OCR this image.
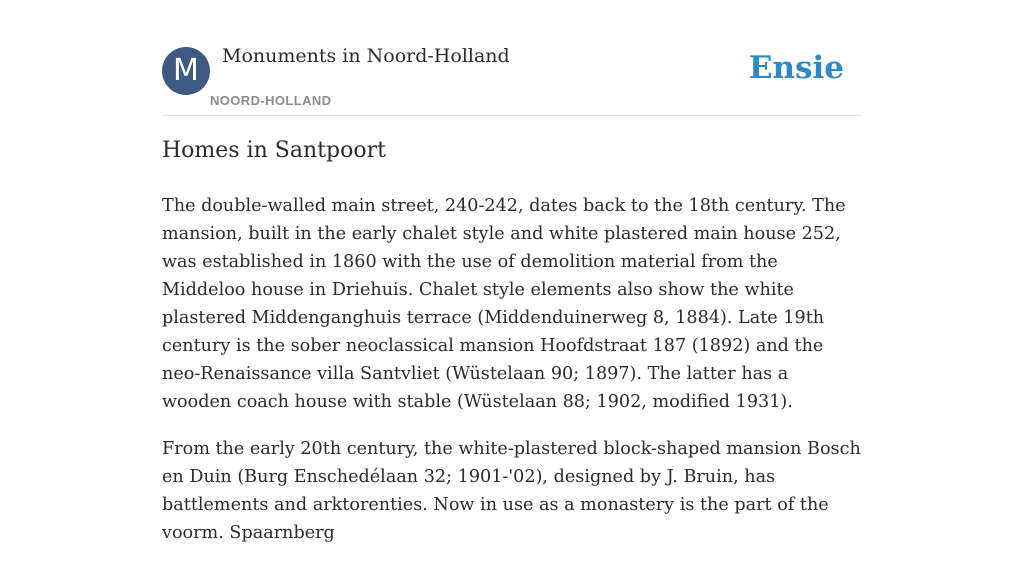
M	Monuments in Noord-Holland
NOORD-HOLLAND
Ensie
Homes in Santpoort

The double-walled main street, 240-242, dates back to the 18th century. The mansion, built in the early chalet style and white plastered main house 252, was established in 1860 with the use of demolition material from the Middeloo house in Driehuis. Chalet style elements also show the white plastered Middenganghuis terrace (Middenduinerweg 8, 1884). Late 19th century is the sober neoclassical mansion Hoofdstraat 187 (1892) and the neo-Renaissance villa Santvliet (Wüstelaan 90; 1897). The latter has a wooden coach house with stable (Wüstelaan 88; 1902, modified 1931).

From the early 20th century, the white-plastered block-shaped mansion Bosch en Duin (Burg Enschedélaan 32; 1901-'02), designed by J. Bruin, has battlements and arktorenties. Now in use as a monastery is the part of the voorm. Spaarnberg
